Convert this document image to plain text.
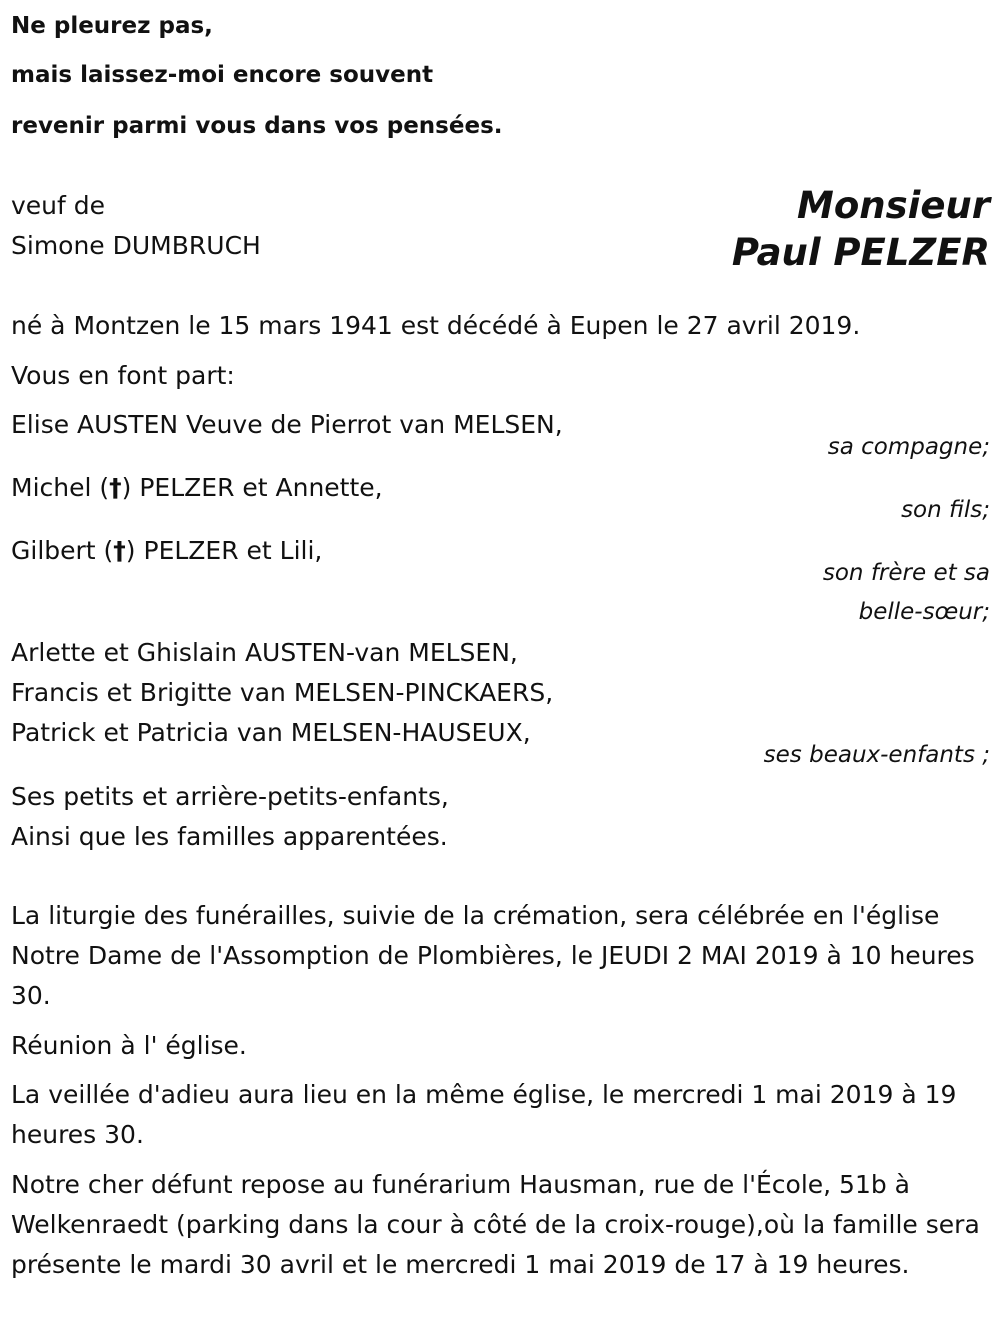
Ne pleurez pas,
mais laissez-moi encore souvent
revenir parmi vous dans vos pensées.
veuf de
Simone DUMBRUCH
Monsieur
Paul PELZER
né à Montzen le 15 mars 1941 est décédé à Eupen le 27 avril 2019.
Vous en font part:
Elise AUSTEN Veuve de Pierrot van MELSEN,
sa compagne;
Michel (†) PELZER et Annette,
son fils;
Gilbert (†) PELZER et Lili,
son frère et sa
belle-sœur;
Arlette et Ghislain AUSTEN-van MELSEN,
Francis et Brigitte van MELSEN-PINCKAERS,
Patrick et Patricia van MELSEN-HAUSEUX,
ses beaux-enfants ;
Ses petits et arrière-petits-enfants,
Ainsi que les familles apparentées.
La liturgie des funérailles, suivie de la crémation, sera célébrée en l'église Notre Dame de l'Assomption de Plombières, le JEUDI 2 MAI 2019 à 10 heures 30.
Réunion à l' église.
La veillée d'adieu aura lieu en la même église, le mercredi 1 mai 2019 à 19 heures 30.
Notre cher défunt repose au funérarium Hausman, rue de l'École, 51b à Welkenraedt (parking dans la cour à côté de la croix-rouge),où la famille sera présente le mardi 30 avril et le mercredi 1 mai 2019 de 17 à 19 heures.
